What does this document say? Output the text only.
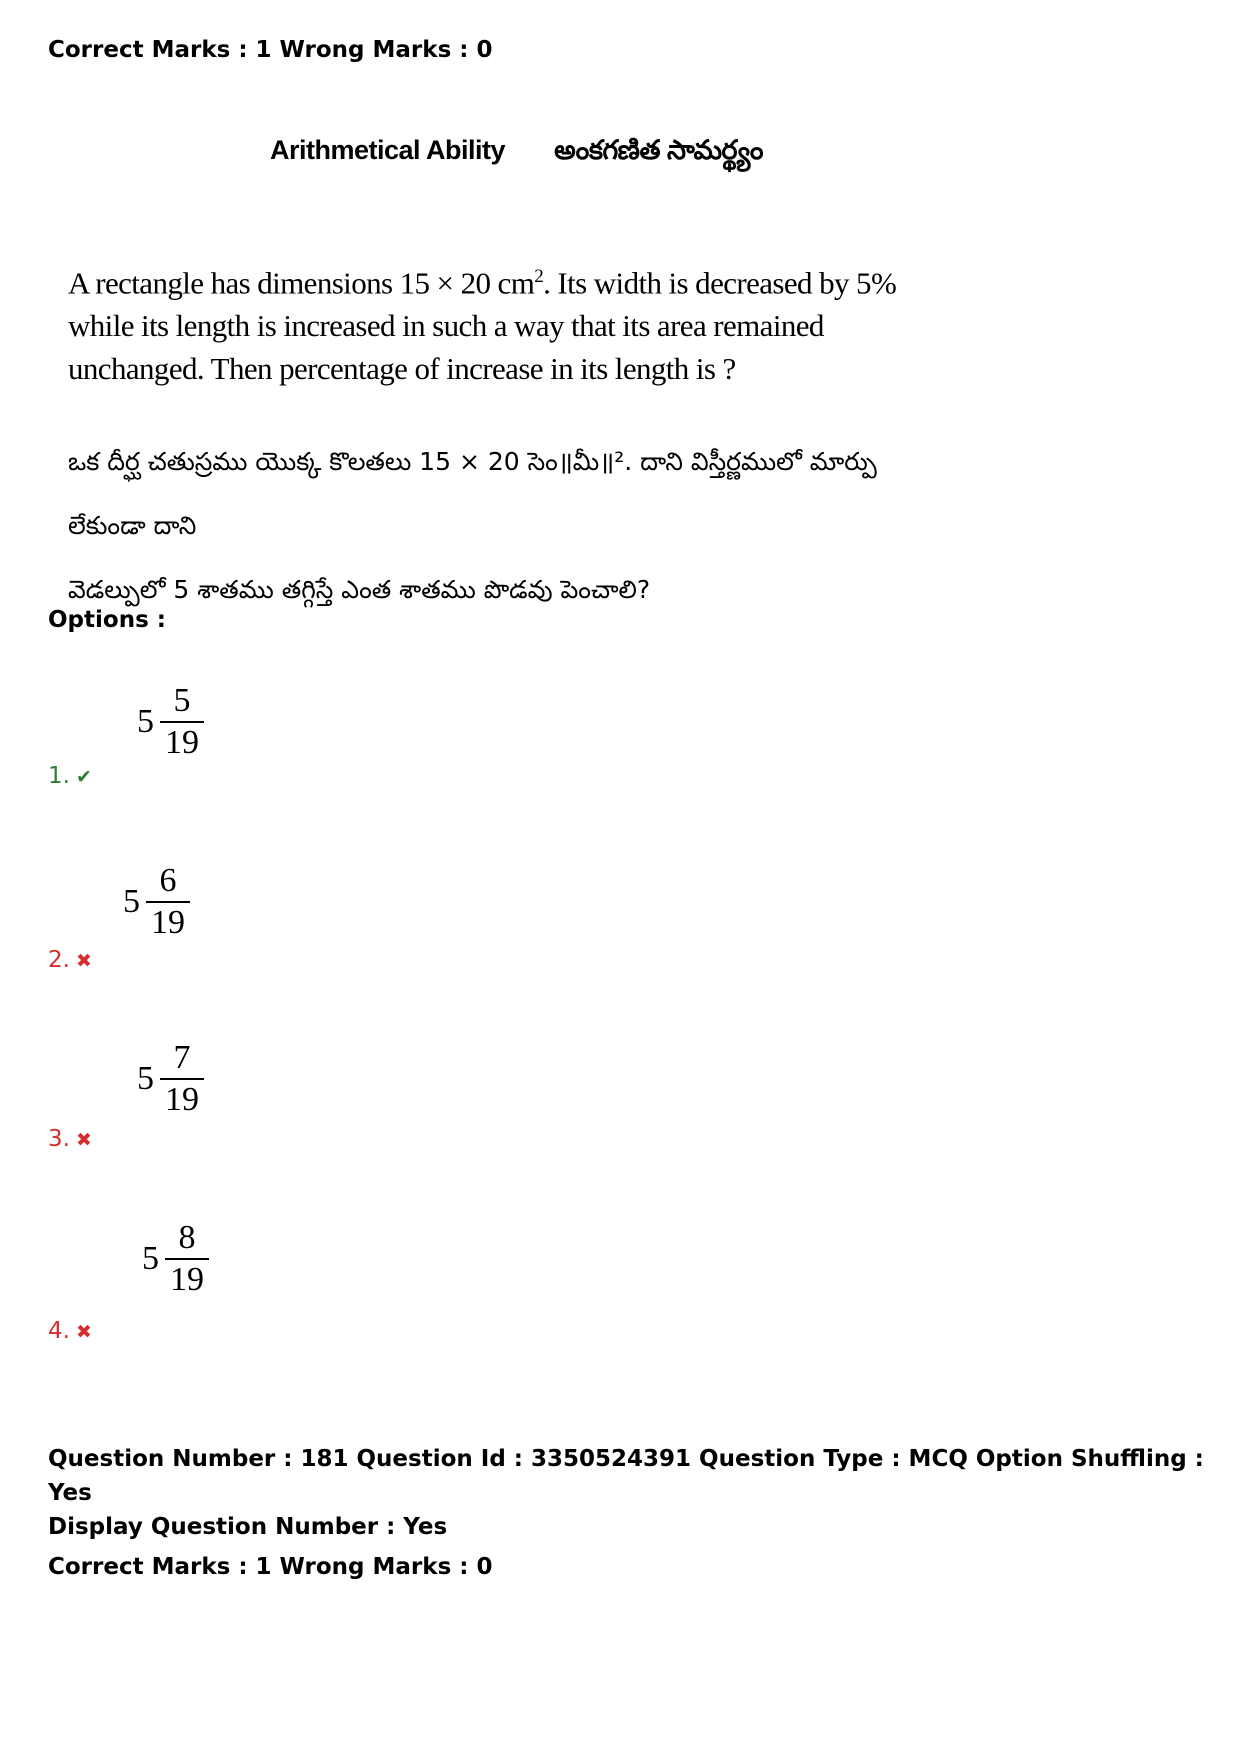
Correct Marks : 1 Wrong Marks : 0
Arithmetical Ability అంకగణిత సామర్థ్యం
A rectangle has dimensions 15 × 20 $cm^2$. Its width is decreased by 5% while its length is increased in such a way that its area remained unchanged. Then percentage of increase in its length is ?
ఒక దీర్ఘ చతుస్రము యొక్క కొలతలు 15 × 20 సెం॥మీ॥². దాని విస్తీర్ణములో మార్పు లేకుండా దాని
వెడల్పులో 5 శాతము తగ్గిస్తే ఎంత శాతము పొడవు పెంచాలి?
Options :
$5 \frac{5}{19}$
1. ✔
$5 \frac{6}{19}$
2. ✖
$5 \frac{7}{19}$
3. ✖
$5 \frac{8}{19}$
4. ✖
Question Number : 181 Question Id : 3350524391 Question Type : MCQ Option Shuffling : Yes
Display Question Number : Yes
Correct Marks : 1 Wrong Marks : 0
